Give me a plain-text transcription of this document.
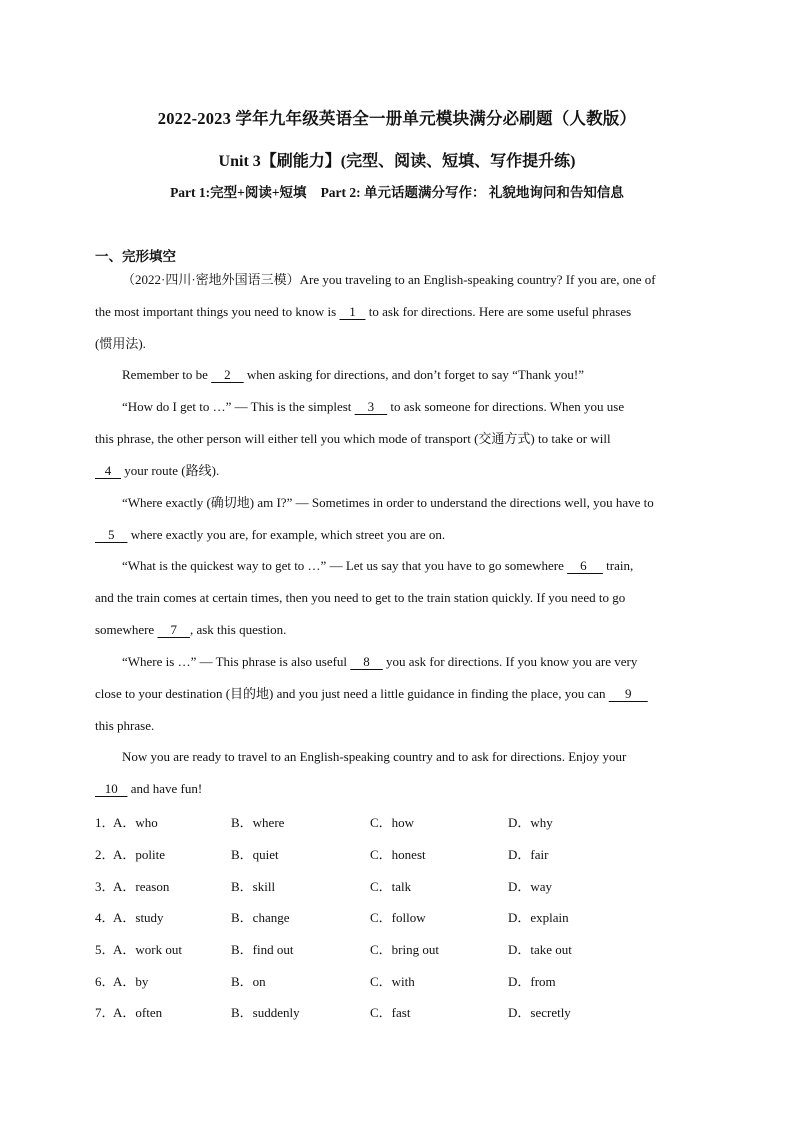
2022-2023 学年九年级英语全一册单元模块满分必刷题（人教版）
Unit 3【刷能力】(完型、阅读、短填、写作提升练)
Part 1:完型+阅读+短填 Part 2: 单元话题满分写作： 礼貌地询问和告知信息
一、完形填空
（2022·四川·密地外国语三模）Are you traveling to an English-speaking country? If you are, one of
the most important things you need to know is    1    to ask for directions. Here are some useful phrases
(惯用法).
Remember to be     2     when asking for directions, and don’t forget to say “Thank you!”
“How do I get to …” — This is the simplest     3     to ask someone for directions. When you use
this phrase, the other person will either tell you which mode of transport (交通方式) to take or will
4    your route (路线).
“Where exactly (确切地) am I?” — Sometimes in order to understand the directions well, you have to
5     where exactly you are, for example, which street you are on.
“What is the quickest way to get to …” — Let us say that you have to go somewhere     6      train,
and the train comes at certain times, then you need to get to the train station quickly. If you need to go
somewhere     7    , ask this question.
“Where is …” — This phrase is also useful     8     you ask for directions. If you know you are very
close to your destination (目的地) and you just need a little guidance in finding the place, you can      9
this phrase.
Now you are ready to travel to an English-speaking country and to ask for directions. Enjoy your
10    and have fun!
1．
A．who	B．where	C．how	D．why
2．
A．polite	B．quiet	C．honest	D．fair
3．
A．reason	B．skill	C．talk	D．way
4．
A．study	B．change	C．follow	D．explain
5．
A．work out	B．find out	C．bring out	D．take out
6．
A．by	B．on	C．with	D．from
7．
A．often	B．suddenly	C．fast	D．secretly
